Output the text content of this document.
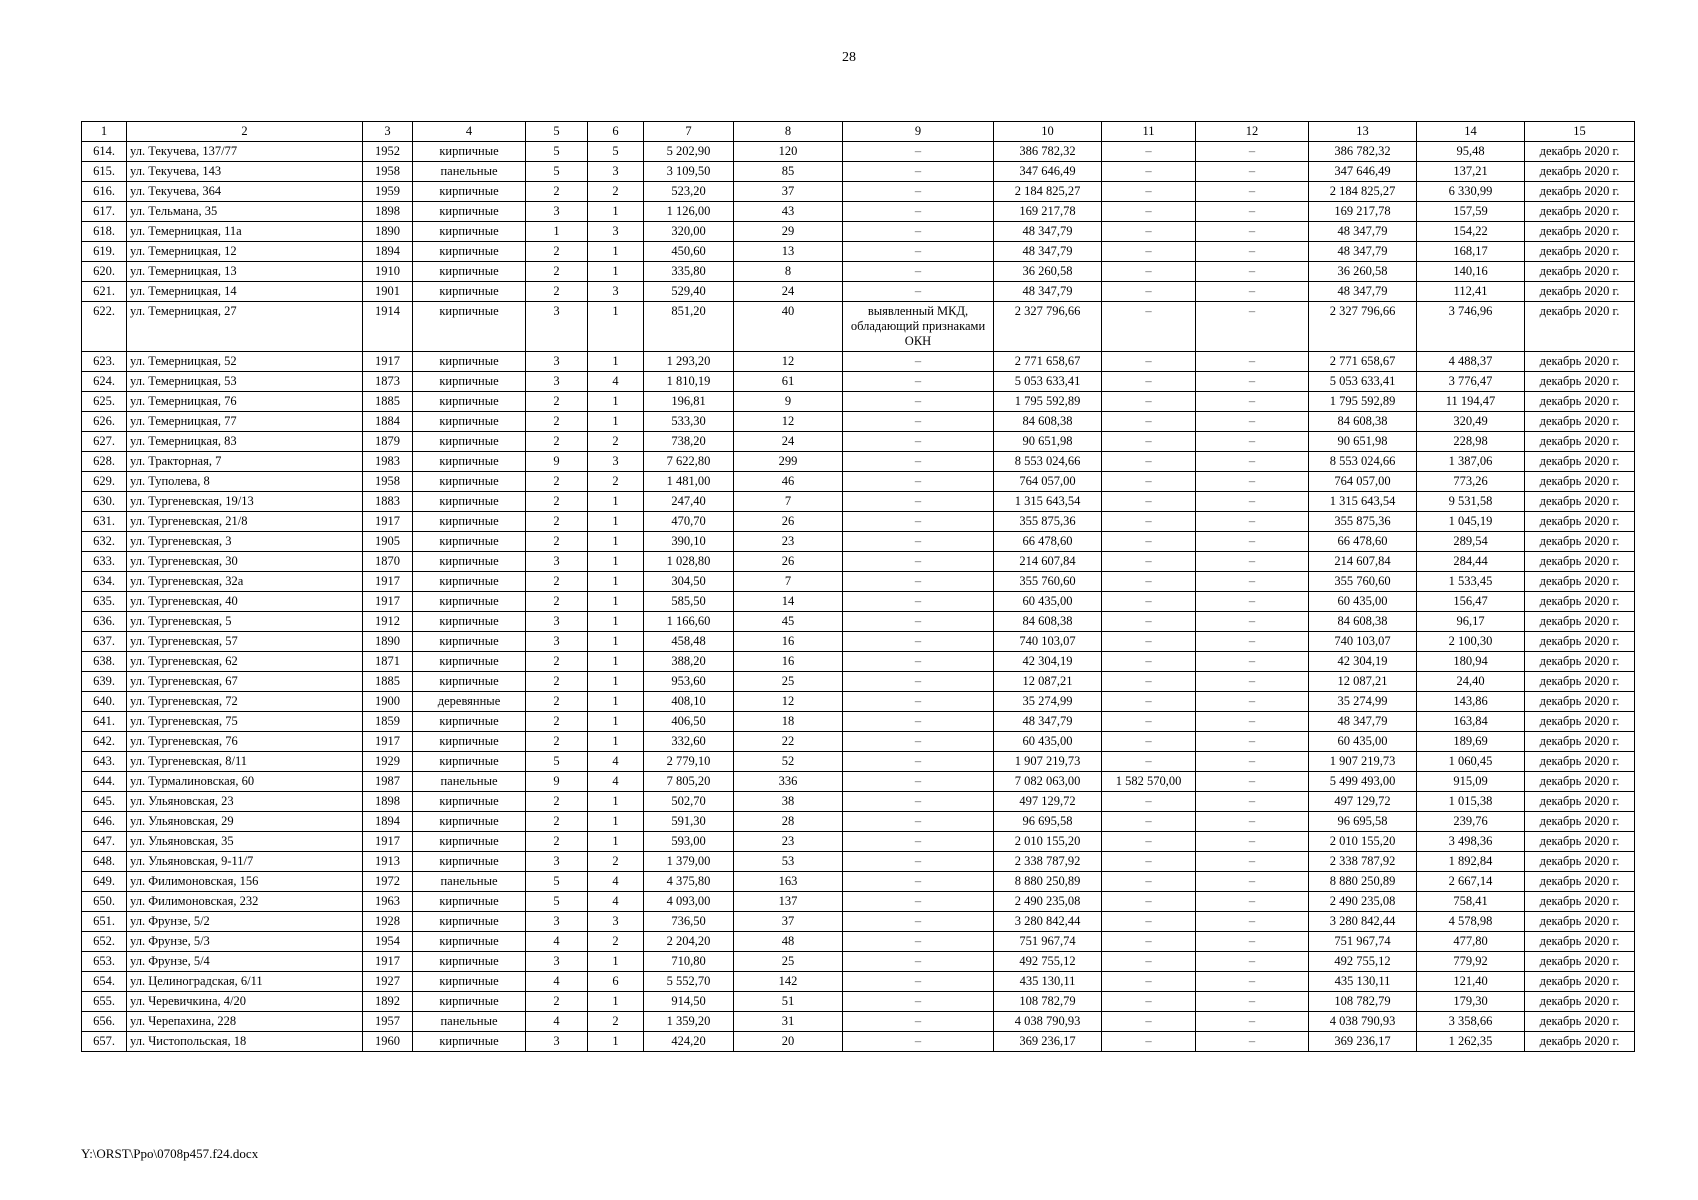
28
1	2	3	4	5	6	7	8	9	10	11	12	13	14	15
614.	ул. Текучева, 137/77	1952	кирпичные	5	5	5 202,90	120	–	386 782,32	–	–	386 782,32	95,48	декабрь 2020 г.
615.	ул. Текучева, 143	1958	панельные	5	3	3 109,50	85	–	347 646,49	–	–	347 646,49	137,21	декабрь 2020 г.
616.	ул. Текучева, 364	1959	кирпичные	2	2	523,20	37	–	2 184 825,27	–	–	2 184 825,27	6 330,99	декабрь 2020 г.
617.	ул. Тельмана, 35	1898	кирпичные	3	1	1 126,00	43	–	169 217,78	–	–	169 217,78	157,59	декабрь 2020 г.
618.	ул. Темерницкая, 11а	1890	кирпичные	1	3	320,00	29	–	48 347,79	–	–	48 347,79	154,22	декабрь 2020 г.
619.	ул. Темерницкая, 12	1894	кирпичные	2	1	450,60	13	–	48 347,79	–	–	48 347,79	168,17	декабрь 2020 г.
620.	ул. Темерницкая, 13	1910	кирпичные	2	1	335,80	8	–	36 260,58	–	–	36 260,58	140,16	декабрь 2020 г.
621.	ул. Темерницкая, 14	1901	кирпичные	2	3	529,40	24	–	48 347,79	–	–	48 347,79	112,41	декабрь 2020 г.
622.	ул. Темерницкая, 27	1914	кирпичные	3	1	851,20	40	выявленный МКД, обладающий признаками ОКН	2 327 796,66	–	–	2 327 796,66	3 746,96	декабрь 2020 г.
623.	ул. Темерницкая, 52	1917	кирпичные	3	1	1 293,20	12	–	2 771 658,67	–	–	2 771 658,67	4 488,37	декабрь 2020 г.
624.	ул. Темерницкая, 53	1873	кирпичные	3	4	1 810,19	61	–	5 053 633,41	–	–	5 053 633,41	3 776,47	декабрь 2020 г.
625.	ул. Темерницкая, 76	1885	кирпичные	2	1	196,81	9	–	1 795 592,89	–	–	1 795 592,89	11 194,47	декабрь 2020 г.
626.	ул. Темерницкая, 77	1884	кирпичные	2	1	533,30	12	–	84 608,38	–	–	84 608,38	320,49	декабрь 2020 г.
627.	ул. Темерницкая, 83	1879	кирпичные	2	2	738,20	24	–	90 651,98	–	–	90 651,98	228,98	декабрь 2020 г.
628.	ул. Тракторная, 7	1983	кирпичные	9	3	7 622,80	299	–	8 553 024,66	–	–	8 553 024,66	1 387,06	декабрь 2020 г.
629.	ул. Туполева, 8	1958	кирпичные	2	2	1 481,00	46	–	764 057,00	–	–	764 057,00	773,26	декабрь 2020 г.
630.	ул. Тургеневская, 19/13	1883	кирпичные	2	1	247,40	7	–	1 315 643,54	–	–	1 315 643,54	9 531,58	декабрь 2020 г.
631.	ул. Тургеневская, 21/8	1917	кирпичные	2	1	470,70	26	–	355 875,36	–	–	355 875,36	1 045,19	декабрь 2020 г.
632.	ул. Тургеневская, 3	1905	кирпичные	2	1	390,10	23	–	66 478,60	–	–	66 478,60	289,54	декабрь 2020 г.
633.	ул. Тургеневская, 30	1870	кирпичные	3	1	1 028,80	26	–	214 607,84	–	–	214 607,84	284,44	декабрь 2020 г.
634.	ул. Тургеневская, 32а	1917	кирпичные	2	1	304,50	7	–	355 760,60	–	–	355 760,60	1 533,45	декабрь 2020 г.
635.	ул. Тургеневская, 40	1917	кирпичные	2	1	585,50	14	–	60 435,00	–	–	60 435,00	156,47	декабрь 2020 г.
636.	ул. Тургеневская, 5	1912	кирпичные	3	1	1 166,60	45	–	84 608,38	–	–	84 608,38	96,17	декабрь 2020 г.
637.	ул. Тургеневская, 57	1890	кирпичные	3	1	458,48	16	–	740 103,07	–	–	740 103,07	2 100,30	декабрь 2020 г.
638.	ул. Тургеневская, 62	1871	кирпичные	2	1	388,20	16	–	42 304,19	–	–	42 304,19	180,94	декабрь 2020 г.
639.	ул. Тургеневская, 67	1885	кирпичные	2	1	953,60	25	–	12 087,21	–	–	12 087,21	24,40	декабрь 2020 г.
640.	ул. Тургеневская, 72	1900	деревянные	2	1	408,10	12	–	35 274,99	–	–	35 274,99	143,86	декабрь 2020 г.
641.	ул. Тургеневская, 75	1859	кирпичные	2	1	406,50	18	–	48 347,79	–	–	48 347,79	163,84	декабрь 2020 г.
642.	ул. Тургеневская, 76	1917	кирпичные	2	1	332,60	22	–	60 435,00	–	–	60 435,00	189,69	декабрь 2020 г.
643.	ул. Тургеневская, 8/11	1929	кирпичные	5	4	2 779,10	52	–	1 907 219,73	–	–	1 907 219,73	1 060,45	декабрь 2020 г.
644.	ул. Турмалиновская, 60	1987	панельные	9	4	7 805,20	336	–	7 082 063,00	1 582 570,00	–	5 499 493,00	915,09	декабрь 2020 г.
645.	ул. Ульяновская, 23	1898	кирпичные	2	1	502,70	38	–	497 129,72	–	–	497 129,72	1 015,38	декабрь 2020 г.
646.	ул. Ульяновская, 29	1894	кирпичные	2	1	591,30	28	–	96 695,58	–	–	96 695,58	239,76	декабрь 2020 г.
647.	ул. Ульяновская, 35	1917	кирпичные	2	1	593,00	23	–	2 010 155,20	–	–	2 010 155,20	3 498,36	декабрь 2020 г.
648.	ул. Ульяновская, 9-11/7	1913	кирпичные	3	2	1 379,00	53	–	2 338 787,92	–	–	2 338 787,92	1 892,84	декабрь 2020 г.
649.	ул. Филимоновская, 156	1972	панельные	5	4	4 375,80	163	–	8 880 250,89	–	–	8 880 250,89	2 667,14	декабрь 2020 г.
650.	ул. Филимоновская, 232	1963	кирпичные	5	4	4 093,00	137	–	2 490 235,08	–	–	2 490 235,08	758,41	декабрь 2020 г.
651.	ул. Фрунзе, 5/2	1928	кирпичные	3	3	736,50	37	–	3 280 842,44	–	–	3 280 842,44	4 578,98	декабрь 2020 г.
652.	ул. Фрунзе, 5/3	1954	кирпичные	4	2	2 204,20	48	–	751 967,74	–	–	751 967,74	477,80	декабрь 2020 г.
653.	ул. Фрунзе, 5/4	1917	кирпичные	3	1	710,80	25	–	492 755,12	–	–	492 755,12	779,92	декабрь 2020 г.
654.	ул. Целиноградская, 6/11	1927	кирпичные	4	6	5 552,70	142	–	435 130,11	–	–	435 130,11	121,40	декабрь 2020 г.
655.	ул. Черевичкина, 4/20	1892	кирпичные	2	1	914,50	51	–	108 782,79	–	–	108 782,79	179,30	декабрь 2020 г.
656.	ул. Черепахина, 228	1957	панельные	4	2	1 359,20	31	–	4 038 790,93	–	–	4 038 790,93	3 358,66	декабрь 2020 г.
657.	ул. Чистопольская, 18	1960	кирпичные	3	1	424,20	20	–	369 236,17	–	–	369 236,17	1 262,35	декабрь 2020 г.
Y:\ORST\Ppo\0708p457.f24.docx
